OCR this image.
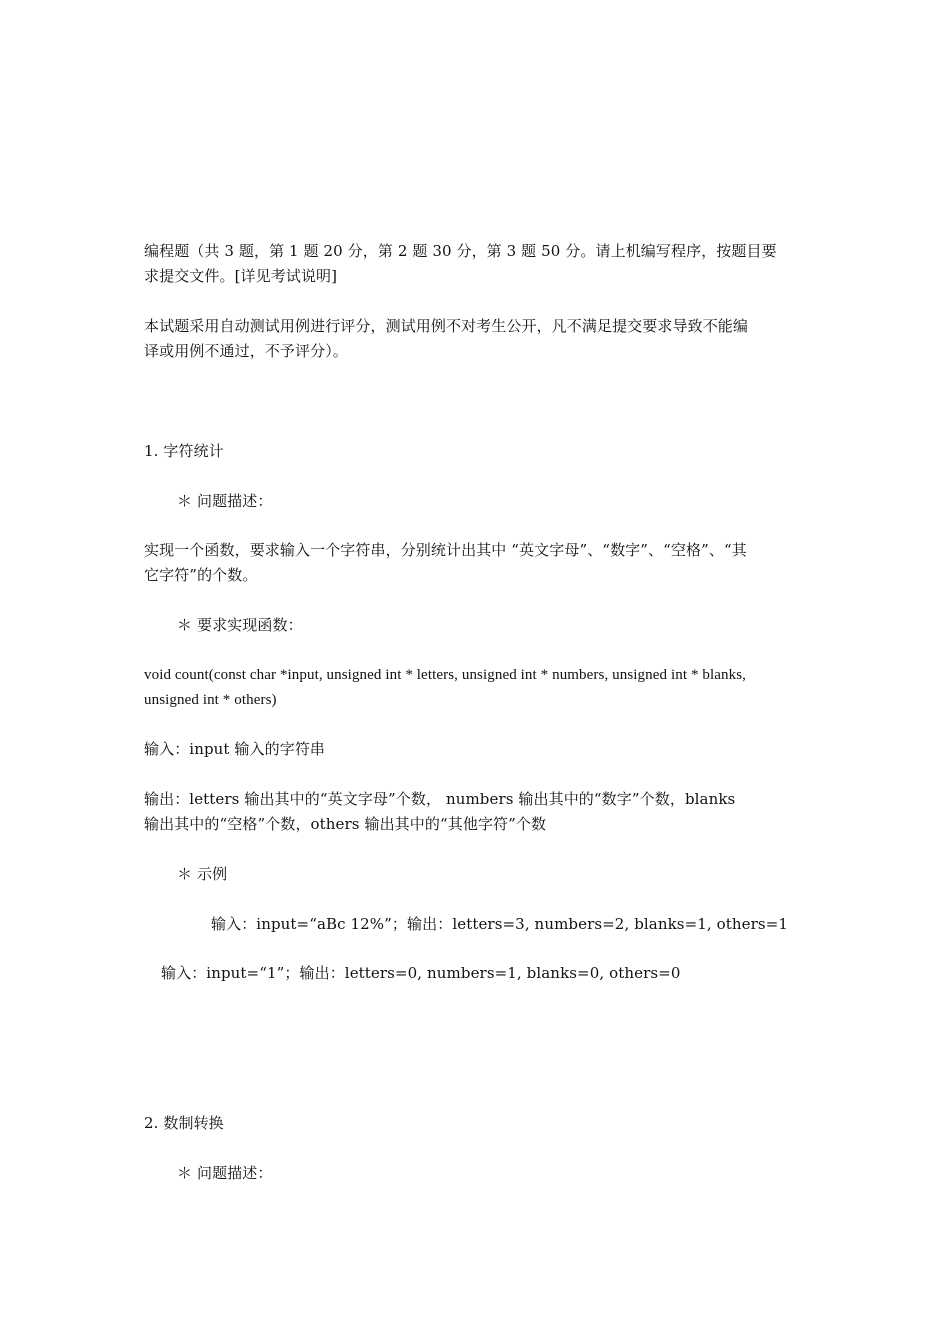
编程题（共 3 题，第 1 题 20 分，第 2 题 30 分，第 3 题 50 分。请上机编写程序，按题目要
求提交文件。[详见考试说明]
本试题采用自动测试用例进行评分，测试用例不对考生公开，凡不满足提交要求导致不能编
译或用例不通过，不予评分）。
1. 字符统计
＊ 问题描述：
实现一个函数，要求输入一个字符串，分别统计出其中 “英文字母”、“数字”、“空格”、“其
它字符”的个数。
＊ 要求实现函数：
void count(const char *input, unsigned int * letters, unsigned int * numbers, unsigned int * blanks,
unsigned int * others)
输入：input 输入的字符串
输出：letters 输出其中的“英文字母”个数， numbers 输出其中的“数字”个数，blanks
输出其中的“空格”个数，others 输出其中的“其他字符”个数
＊ 示例
输入：input=“aBc 12%”；输出：letters=3, numbers=2, blanks=1, others=1
输入：input=“1”；输出：letters=0, numbers=1, blanks=0, others=0
2. 数制转换
＊ 问题描述：
